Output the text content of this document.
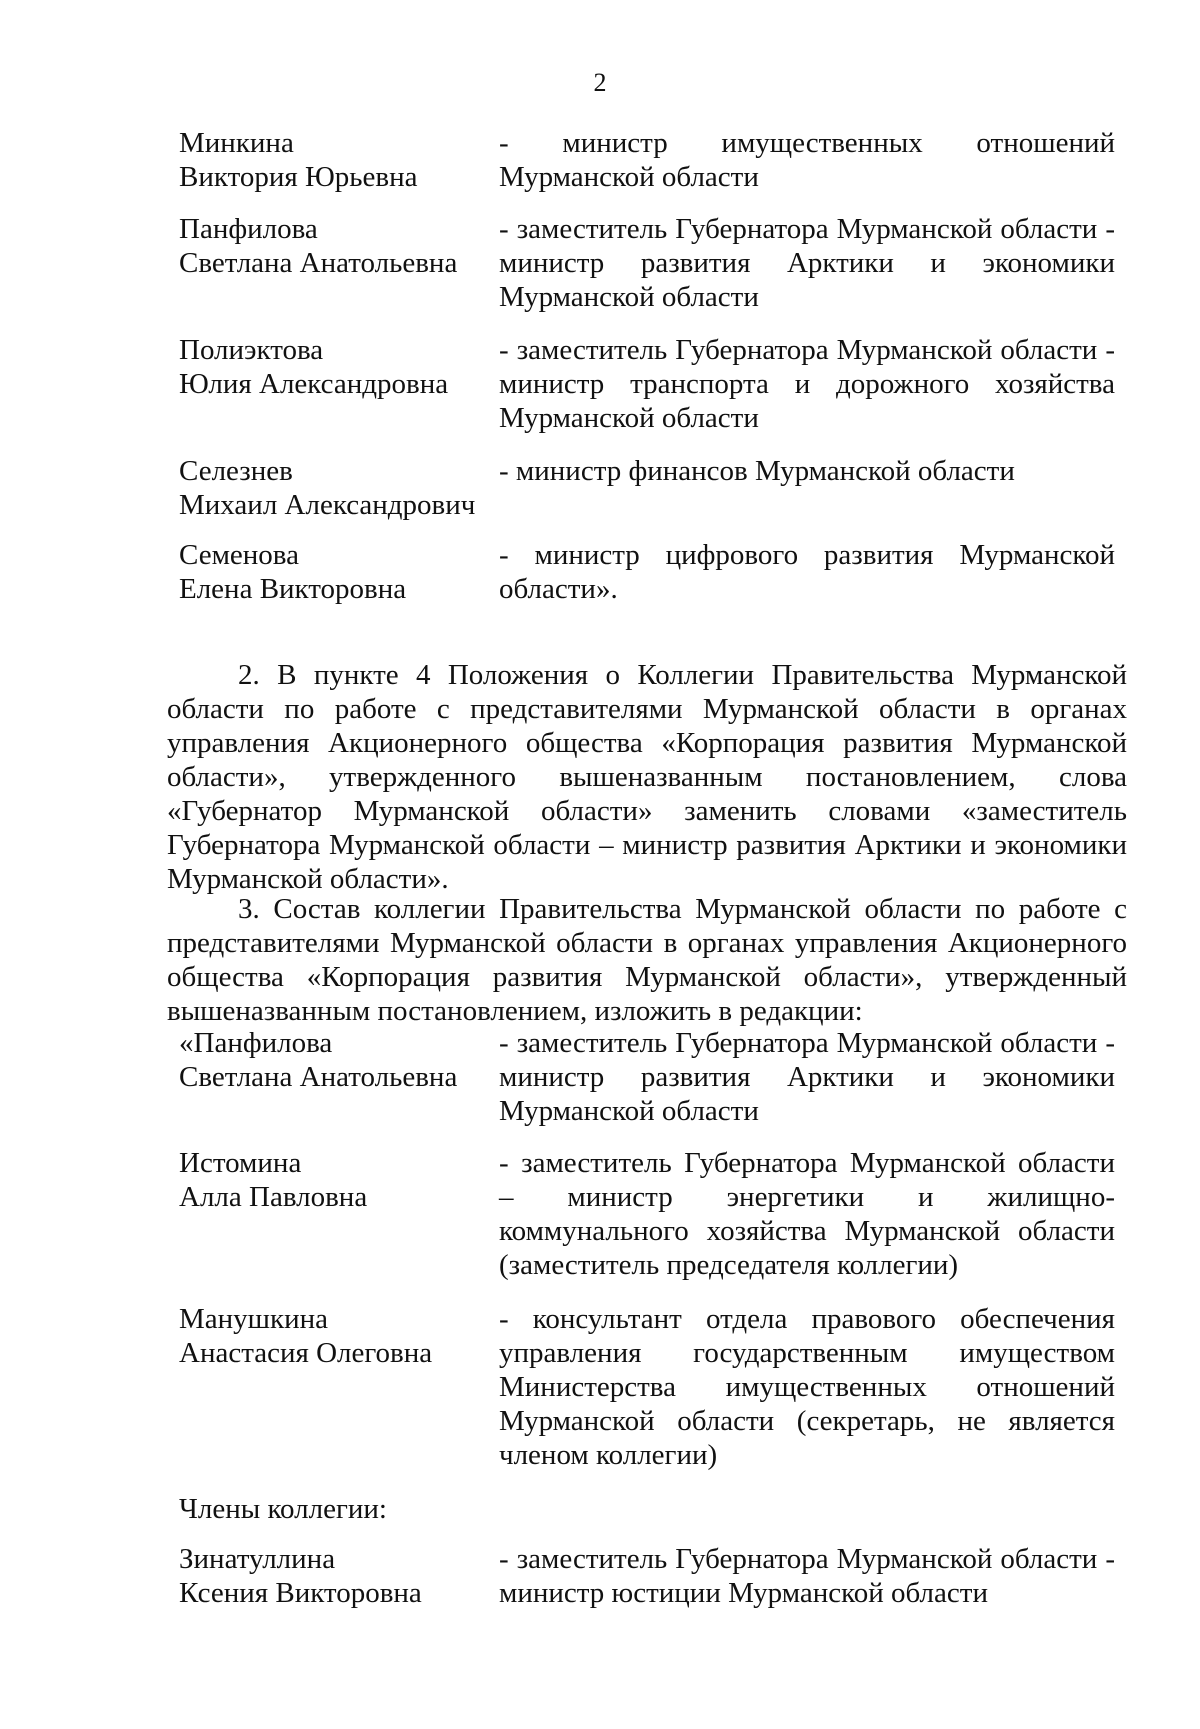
2
Минкина
Виктория Юрьевна
- министр имущественных отношений Мурманской области
Панфилова
Светлана Анатольевна
- заместитель Губернатора Мурманской области - министр развития Арктики и экономики Мурманской области
Полиэктова
Юлия Александровна
- заместитель Губернатора Мурманской области - министр транспорта и дорожного хозяйства Мурманской области
Селезнев
Михаил Александрович
- министр финансов Мурманской области
Семенова
Елена Викторовна
- министр цифрового развития Мурманской области».
2. В пункте 4 Положения о Коллегии Правительства Мурманской области по работе с представителями Мурманской области в органах управления Акционерного общества «Корпорация развития Мурманской области», утвержденного вышеназванным постановлением, слова «Губернатор Мурманской области» заменить словами «заместитель Губернатора Мурманской области – министр развития Арктики и экономики Мурманской области».
3. Состав коллегии Правительства Мурманской области по работе с представителями Мурманской области в органах управления Акционерного общества «Корпорация развития Мурманской области», утвержденный вышеназванным постановлением, изложить в редакции:
«Панфилова
Светлана Анатольевна
- заместитель Губернатора Мурманской области - министр развития Арктики и экономики Мурманской области
Истомина
Алла Павловна
- заместитель Губернатора Мурманской области – министр энергетики и жилищно-коммунального хозяйства Мурманской области (заместитель председателя коллегии)
Манушкина
Анастасия Олеговна
- консультант отдела правового обеспечения управления государственным имуществом Министерства имущественных отношений Мурманской области (секретарь, не является членом коллегии)
Члены коллегии:
Зинатуллина
Ксения Викторовна
- заместитель Губернатора Мурманской области - министр юстиции Мурманской области
